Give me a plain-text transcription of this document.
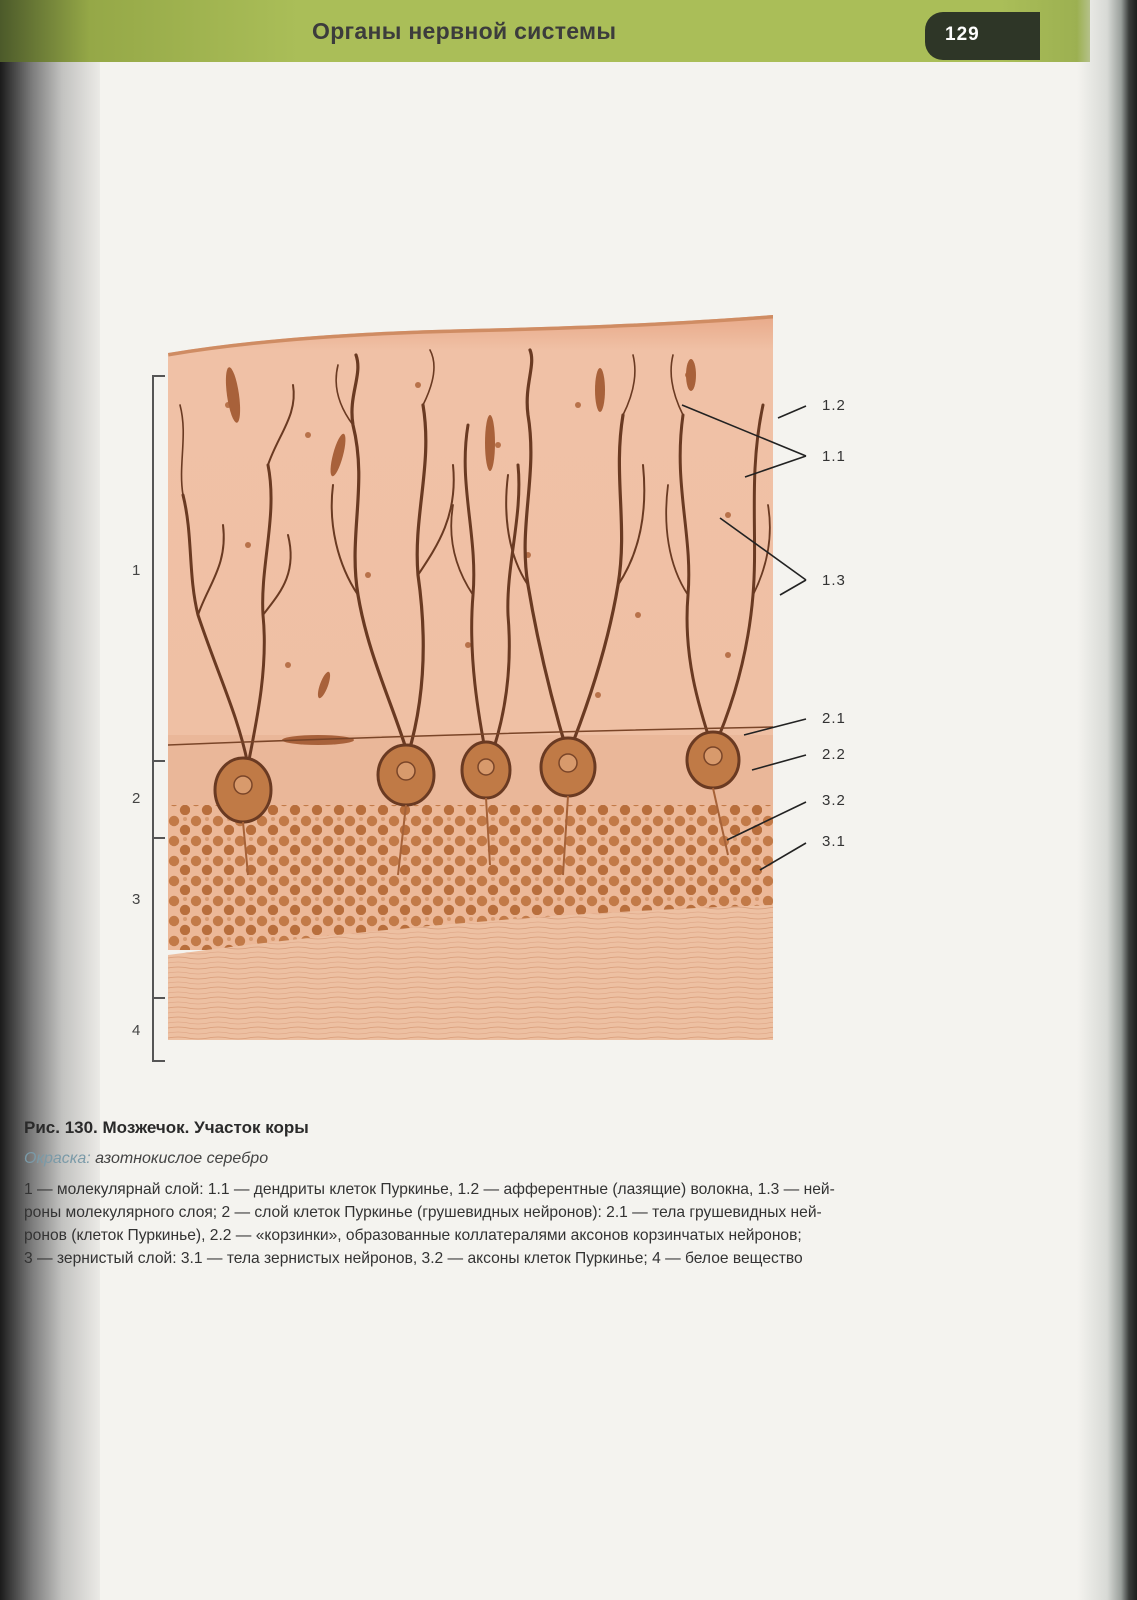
Органы нервной системы	129
1
2
3
4
1.2
1.1
1.3
2.1
2.2
3.2
3.1
Рис. 130. Мозжечок. Участок коры
Окраска: азотнокислое серебро

1 — молекулярнай слой: 1.1 — дендриты клеток Пуркинье, 1.2 — афферентные (лазящие) волокна, 1.3 — ней-

роны молекулярного слоя; 2 — слой клеток Пуркинье (грушевидных нейронов): 2.1 — тела грушевидных ней-

ронов (клеток Пуркинье), 2.2 — «корзинки», образованные коллатералями аксонов корзинчатых нейронов;

3 — зернистый слой: 3.1 — тела зернистых нейронов, 3.2 — аксоны клеток Пуркинье; 4 — белое вещество
